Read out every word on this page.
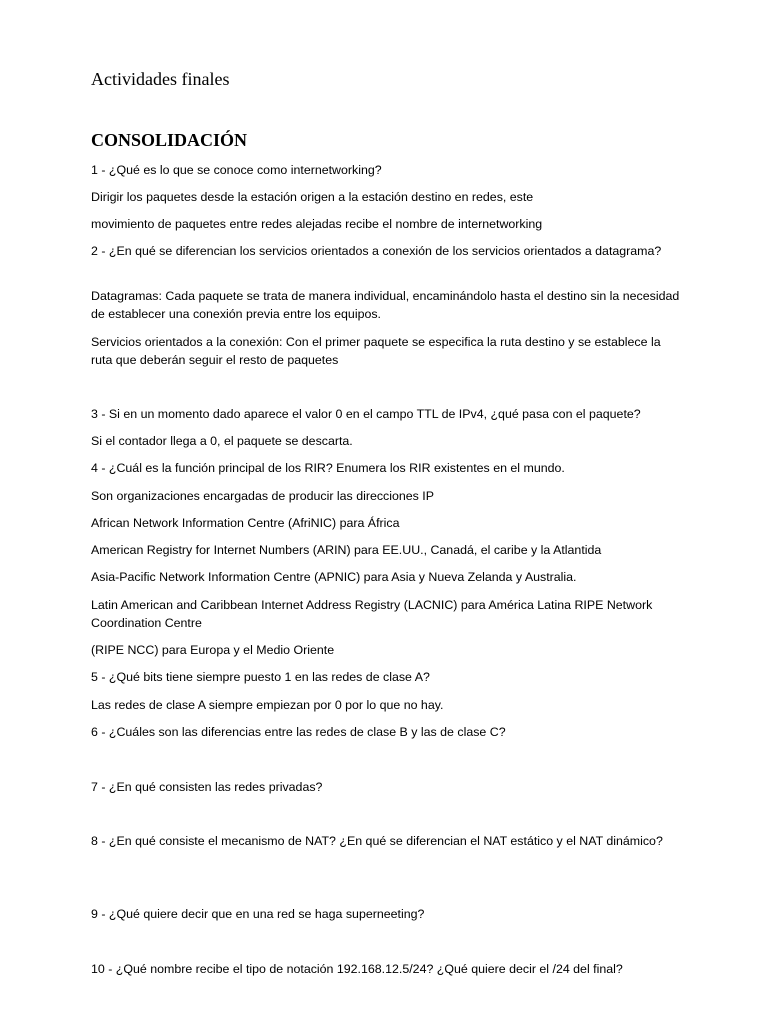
Actividades finales
CONSOLIDACIÓN

1 - ¿Qué es lo que se conoce como internetworking?

Dirigir los paquetes desde la estación origen a la estación destino en redes, este

movimiento de paquetes entre redes alejadas recibe el nombre de internetworking

2 - ¿En qué se diferencian los servicios orientados a conexión de los servicios orientados a datagrama?

Datagramas: Cada paquete se trata de manera individual, encaminándolo hasta el destino sin la necesidad de establecer una conexión previa entre los equipos.

Servicios orientados a la conexión: Con el primer paquete se especifica la ruta destino y se establece la ruta que deberán seguir el resto de paquetes

3 - Si en un momento dado aparece el valor 0 en el campo TTL de IPv4, ¿qué pasa con el paquete?

Si el contador llega a 0, el paquete se descarta.

4 - ¿Cuál es la función principal de los RIR? Enumera los RIR existentes en el mundo.

Son organizaciones encargadas de producir las direcciones IP

African Network Information Centre (AfriNIC) para África

American Registry for Internet Numbers (ARIN) para EE.UU., Canadá, el caribe y la Atlantida

Asia-Pacific Network Information Centre (APNIC) para Asia y Nueva Zelanda y Australia.

Latin American and Caribbean Internet Address Registry (LACNIC) para América Latina RIPE Network Coordination Centre

(RIPE NCC) para Europa y el Medio Oriente

5 - ¿Qué bits tiene siempre puesto 1 en las redes de clase A?

Las redes de clase A siempre empiezan por 0 por lo que no hay.

6 - ¿Cuáles son las diferencias entre las redes de clase B y las de clase C?

7 - ¿En qué consisten las redes privadas?

8 - ¿En qué consiste el mecanismo de NAT? ¿En qué se diferencian el NAT estático y el NAT dinámico?

9 - ¿Qué quiere decir que en una red se haga superneeting?

10 - ¿Qué nombre recibe el tipo de notación 192.168.12.5/24? ¿Qué quiere decir el /24 del final?
